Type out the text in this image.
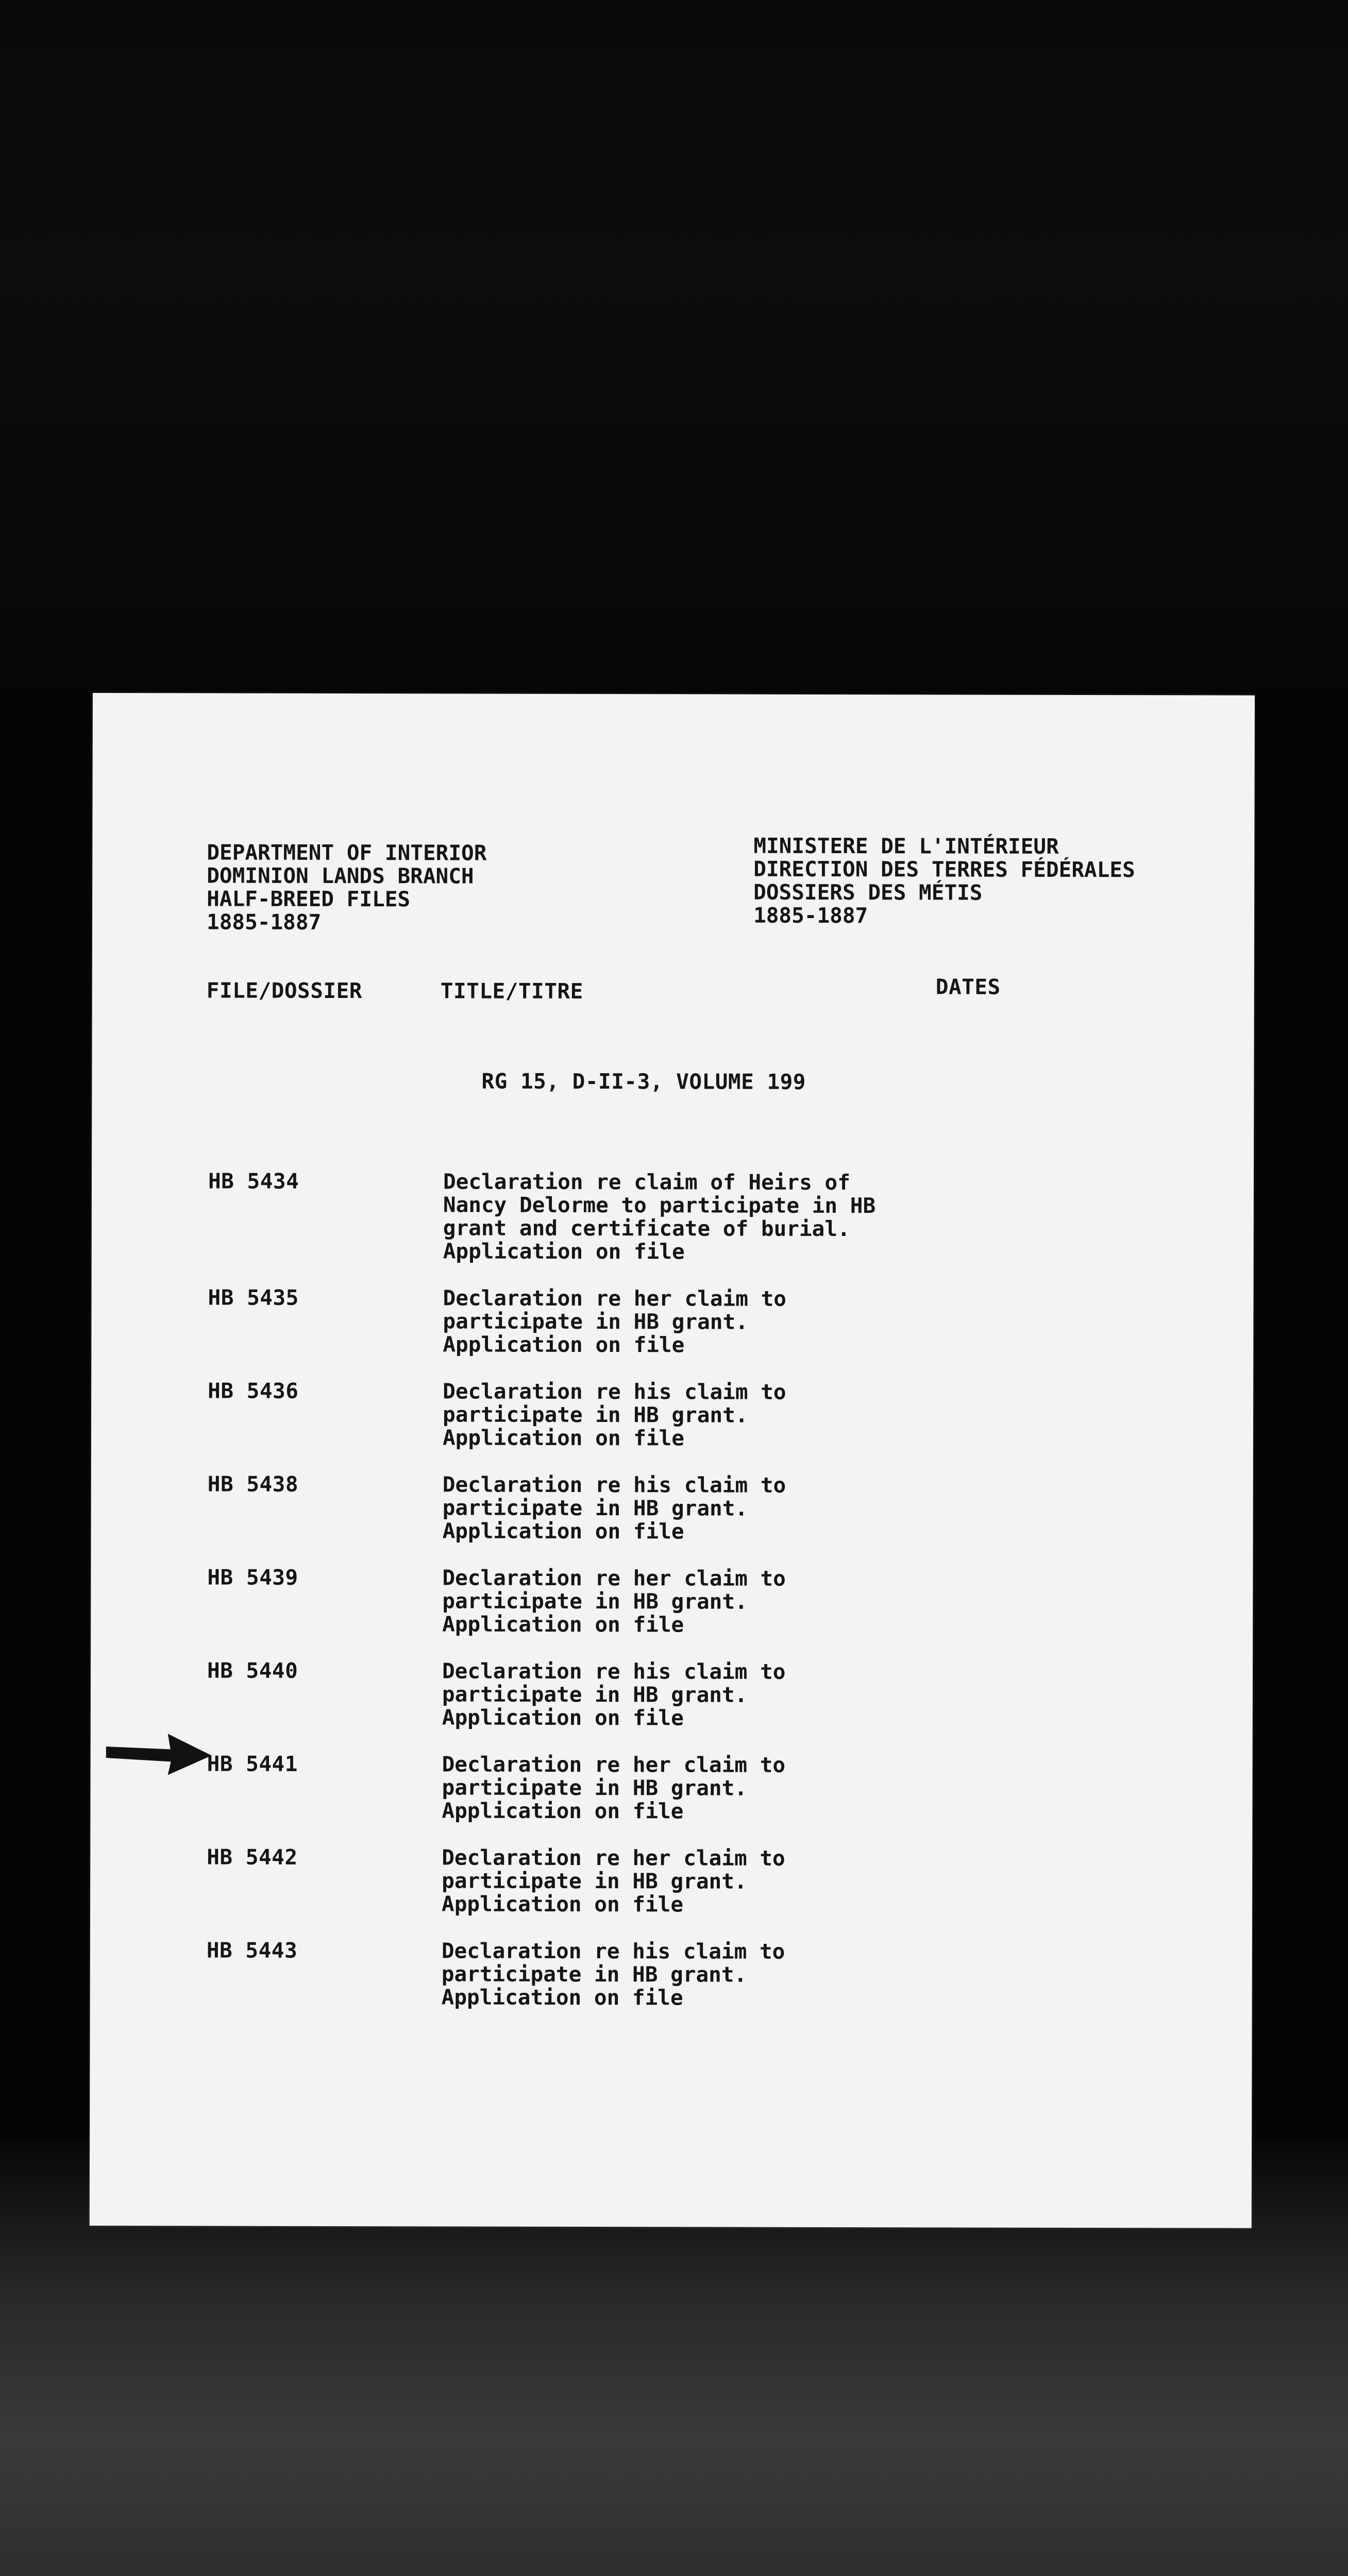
DEPARTMENT OF INTERIOR
DOMINION LANDS BRANCH
HALF-BREED FILES
1885-1887
MINISTERE DE L'INTÉRIEUR
DIRECTION DES TERRES FÉDÉRALES
DOSSIERS DES MÉTIS
1885-1887
FILE/DOSSIER	TITLE/TITRE	DATES
RG 15, D-II-3, VOLUME 199
HB 5434	Declaration re claim of Heirs of
Nancy Delorme to participate in HB
grant and certificate of burial.
Application on file
HB 5435	Declaration re her claim to
participate in HB grant.
Application on file
HB 5436	Declaration re his claim to
participate in HB grant.
Application on file
HB 5438	Declaration re his claim to
participate in HB grant.
Application on file
HB 5439	Declaration re her claim to
participate in HB grant.
Application on file
HB 5440	Declaration re his claim to
participate in HB grant.
Application on file
HB 5441	Declaration re her claim to
participate in HB grant.
Application on file
HB 5442	Declaration re her claim to
participate in HB grant.
Application on file
HB 5443	Declaration re his claim to
participate in HB grant.
Application on file
